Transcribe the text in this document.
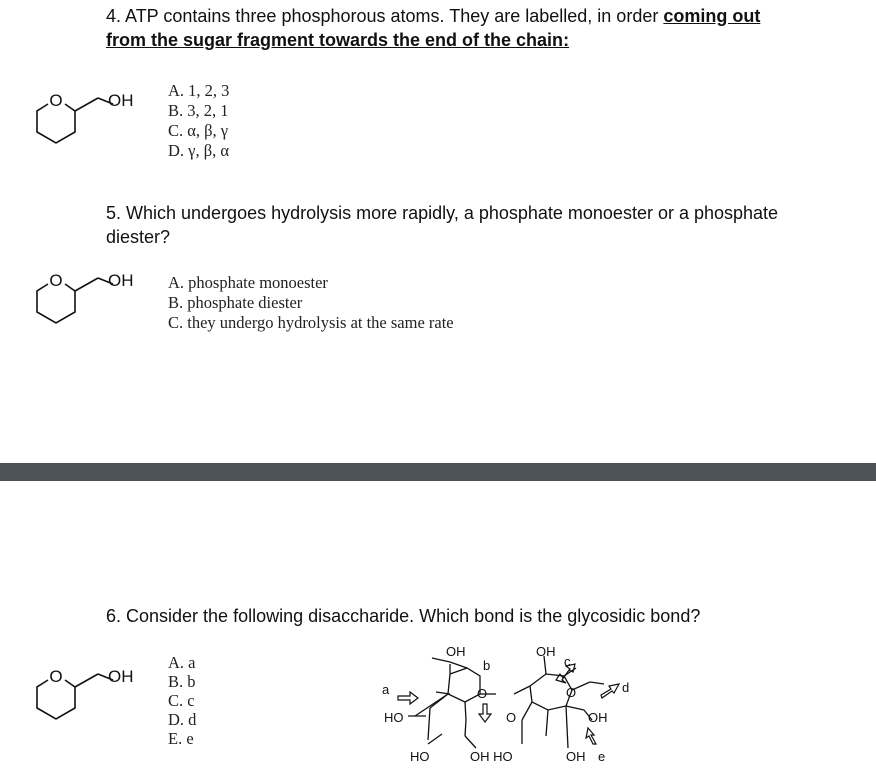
4. ATP contains three phosphorous atoms. They are labelled, in order coming out
from the sugar fragment towards the end of the chain:
O	OH
A. 1, 2, 3
B. 3, 2, 1
C. α, β, γ
D. γ, β, α
5. Which undergoes hydrolysis more rapidly, a phosphate monoester or a phosphate
diester?
O	OH A. phosphate monoester
B. phosphate diester
C. they undergo hydrolysis at the same rate
6. Consider the following disaccharide. Which bond is the glycosidic bond?
O	OH
A. a
B. b
C. c
D. d
E. e
OH	OH
b	c
a	O	O	d
HO	O	OH
HO	OH HO	OH e
